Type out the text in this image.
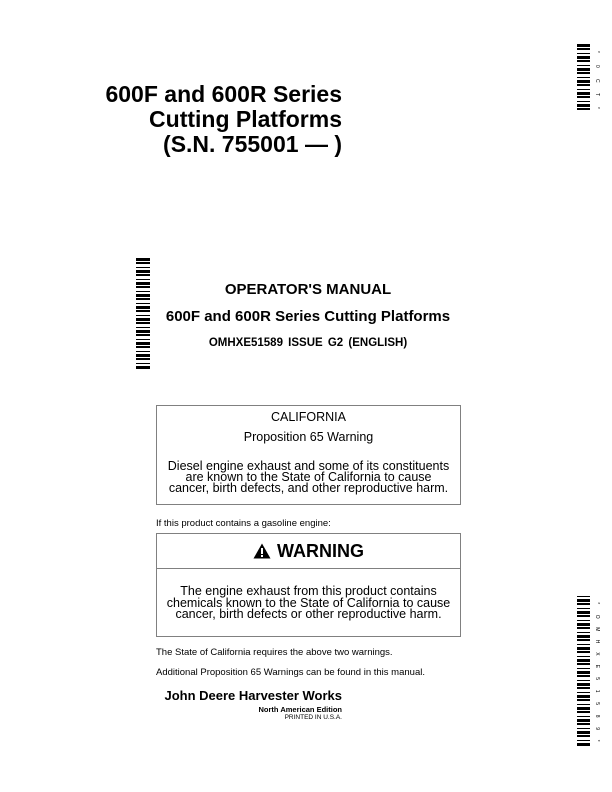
600F and 600R Series
Cutting Platforms
(S.N. 755001 — )
*
0
C
T
*
OPERATOR'S MANUAL
600F and 600R Series Cutting Platforms
OMHXE51589 ISSUE G2 (ENGLISH)
CALIFORNIA
Proposition 65 Warning
Diesel engine exhaust and some of its constituents are known to the State of California to cause cancer, birth defects, and other reproductive harm.
If this product contains a gasoline engine:
WARNING
The engine exhaust from this product contains chemicals known to the State of California to cause cancer, birth defects or other reproductive harm.
The State of California requires the above two warnings.
Additional Proposition 65 Warnings can be found in this manual.
John Deere Harvester Works
North American Edition
PRINTED IN U.S.A.
*
O
M
H
X
E
5
1
5
8
9
*
